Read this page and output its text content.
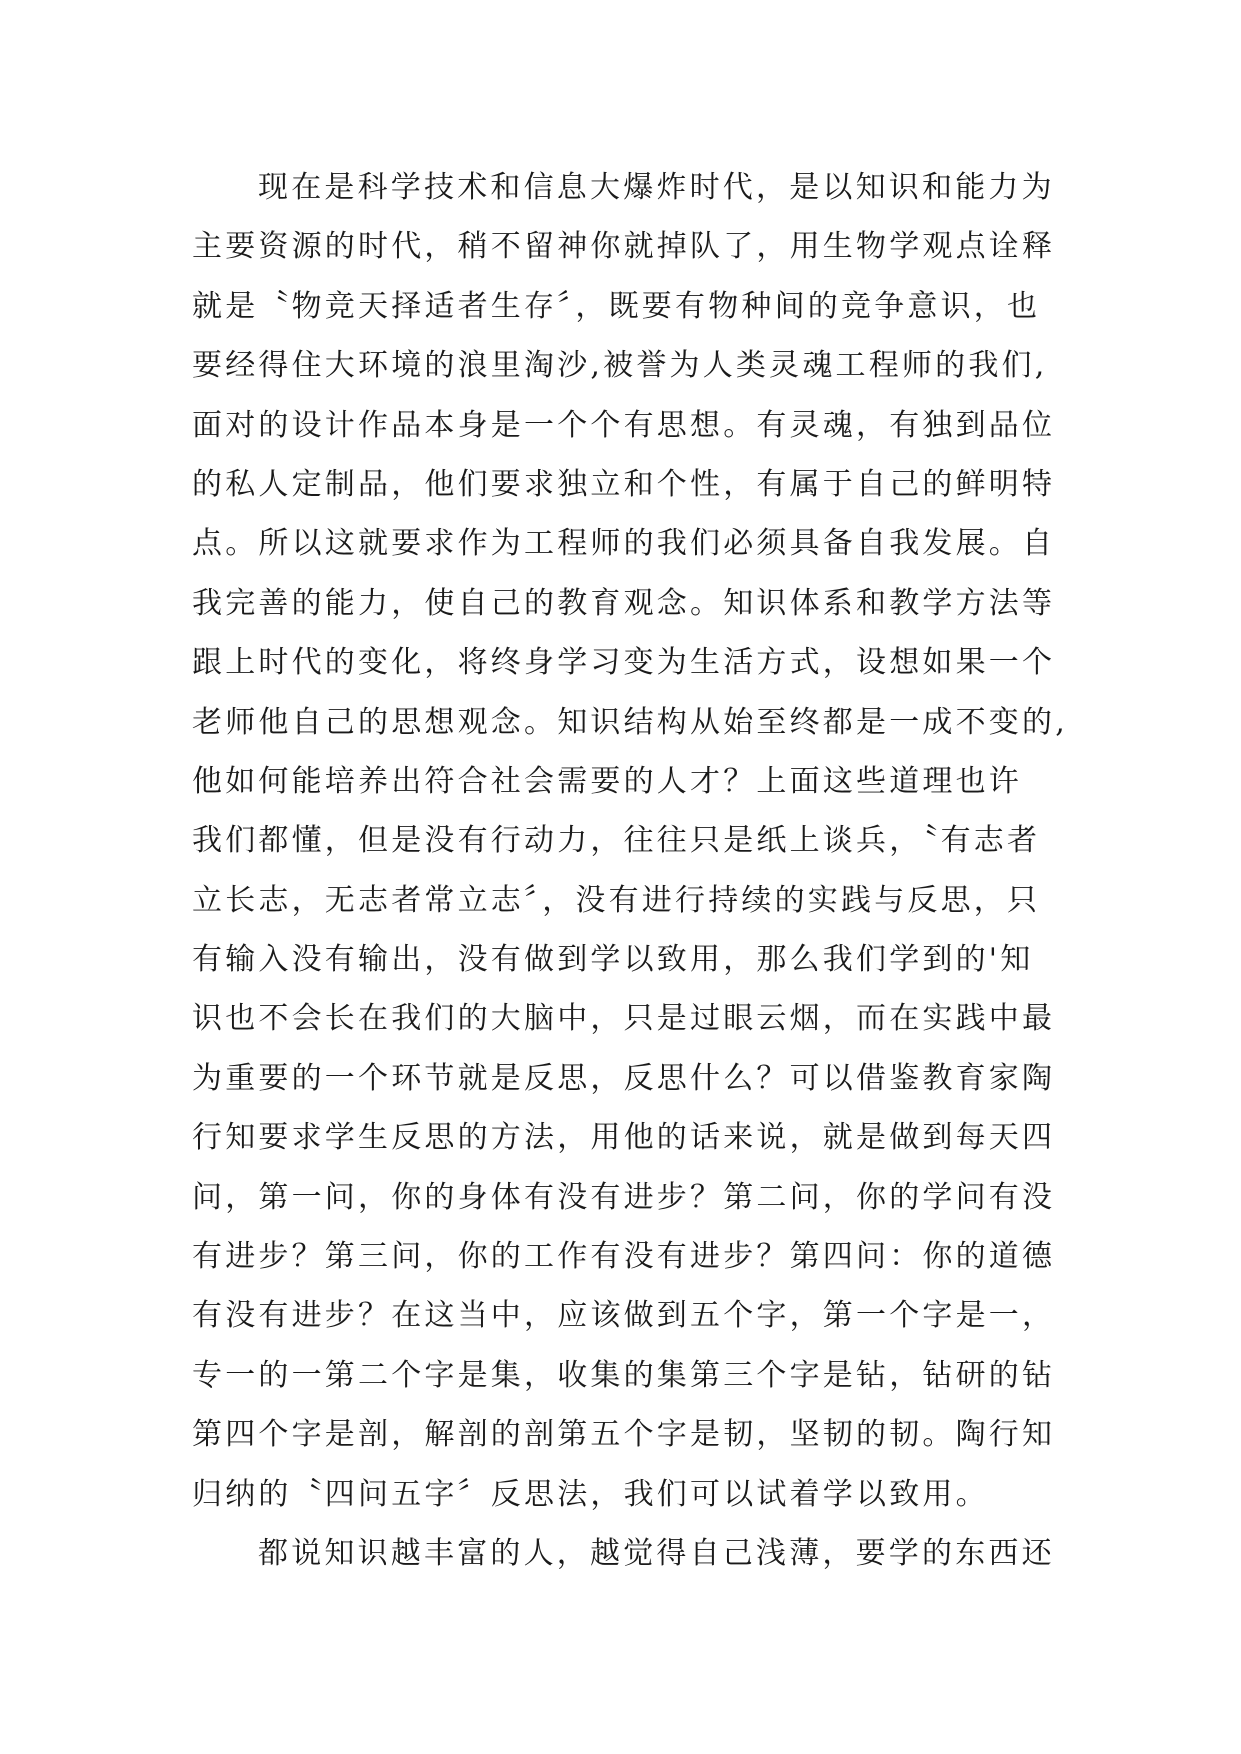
现在是科学技术和信息大爆炸时代，是以知识和能力为
主要资源的时代，稍不留神你就掉队了，用生物学观点诠释
就是〝物竞天择适者生存〞，既要有物种间的竞争意识，也
要经得住大环境的浪里淘沙,被誉为人类灵魂工程师的我们,
面对的设计作品本身是一个个有思想。有灵魂，有独到品位
的私人定制品，他们要求独立和个性，有属于自己的鲜明特
点。所以这就要求作为工程师的我们必须具备自我发展。自
我完善的能力，使自己的教育观念。知识体系和教学方法等
跟上时代的变化，将终身学习变为生活方式，设想如果一个
老师他自己的思想观念。知识结构从始至终都是一成不变的,
他如何能培养出符合社会需要的人才？上面这些道理也许
我们都懂，但是没有行动力，往往只是纸上谈兵，〝有志者
立长志，无志者常立志〞，没有进行持续的实践与反思，只
有输入没有输出，没有做到学以致用，那么我们学到的'知
识也不会长在我们的大脑中，只是过眼云烟，而在实践中最
为重要的一个环节就是反思，反思什么？可以借鉴教育家陶
行知要求学生反思的方法，用他的话来说，就是做到每天四
问，第一问，你的身体有没有进步？第二问，你的学问有没
有进步？第三问，你的工作有没有进步？第四问：你的道德
有没有进步？在这当中，应该做到五个字，第一个字是一，
专一的一第二个字是集，收集的集第三个字是钻，钻研的钻
第四个字是剖，解剖的剖第五个字是韧，坚韧的韧。陶行知
归纳的〝四问五字〞反思法，我们可以试着学以致用。
都说知识越丰富的人，越觉得自己浅薄，要学的东西还
